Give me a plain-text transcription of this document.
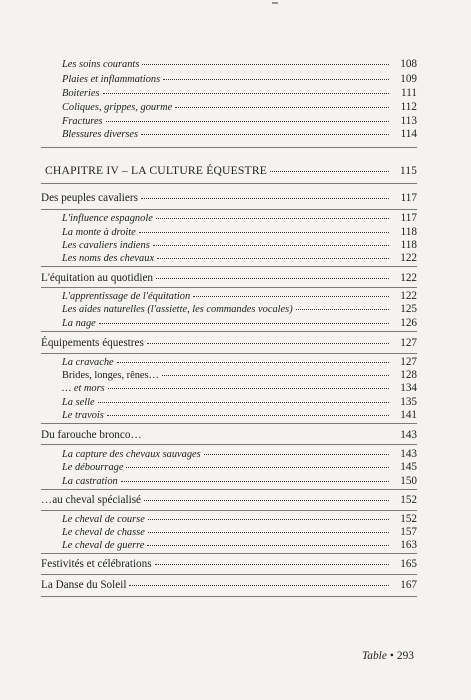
Les soins courants	108
Plaies et inflammations	109
Boiteries	111
Coliques, grippes, gourme	112
Fractures	113
Blessures diverses	114
CHAPITRE IV – LA CULTURE ÉQUESTRE	115
Des peuples cavaliers	117
L'influence espagnole	117
La monte à droite	118
Les cavaliers indiens	118
Les noms des chevaux	122
L'équitation au quotidien	122
L'apprentissage de l'équitation	122
Les aides naturelles (l'assiette, les commandes vocales)	125
La nage	126
Équipements équestres	127
La cravache	127
Brides, longes, rênes…	128
… et mors	134
La selle	135
Le travois	141
Du farouche bronco…	143
La capture des chevaux sauvages	143
Le débourrage	145
La castration	150
…au cheval spécialisé	152
Le cheval de course	152
Le cheval de chasse	157
Le cheval de guerre	163
Festivités et célébrations	165
La Danse du Soleil	167
Table • 293
